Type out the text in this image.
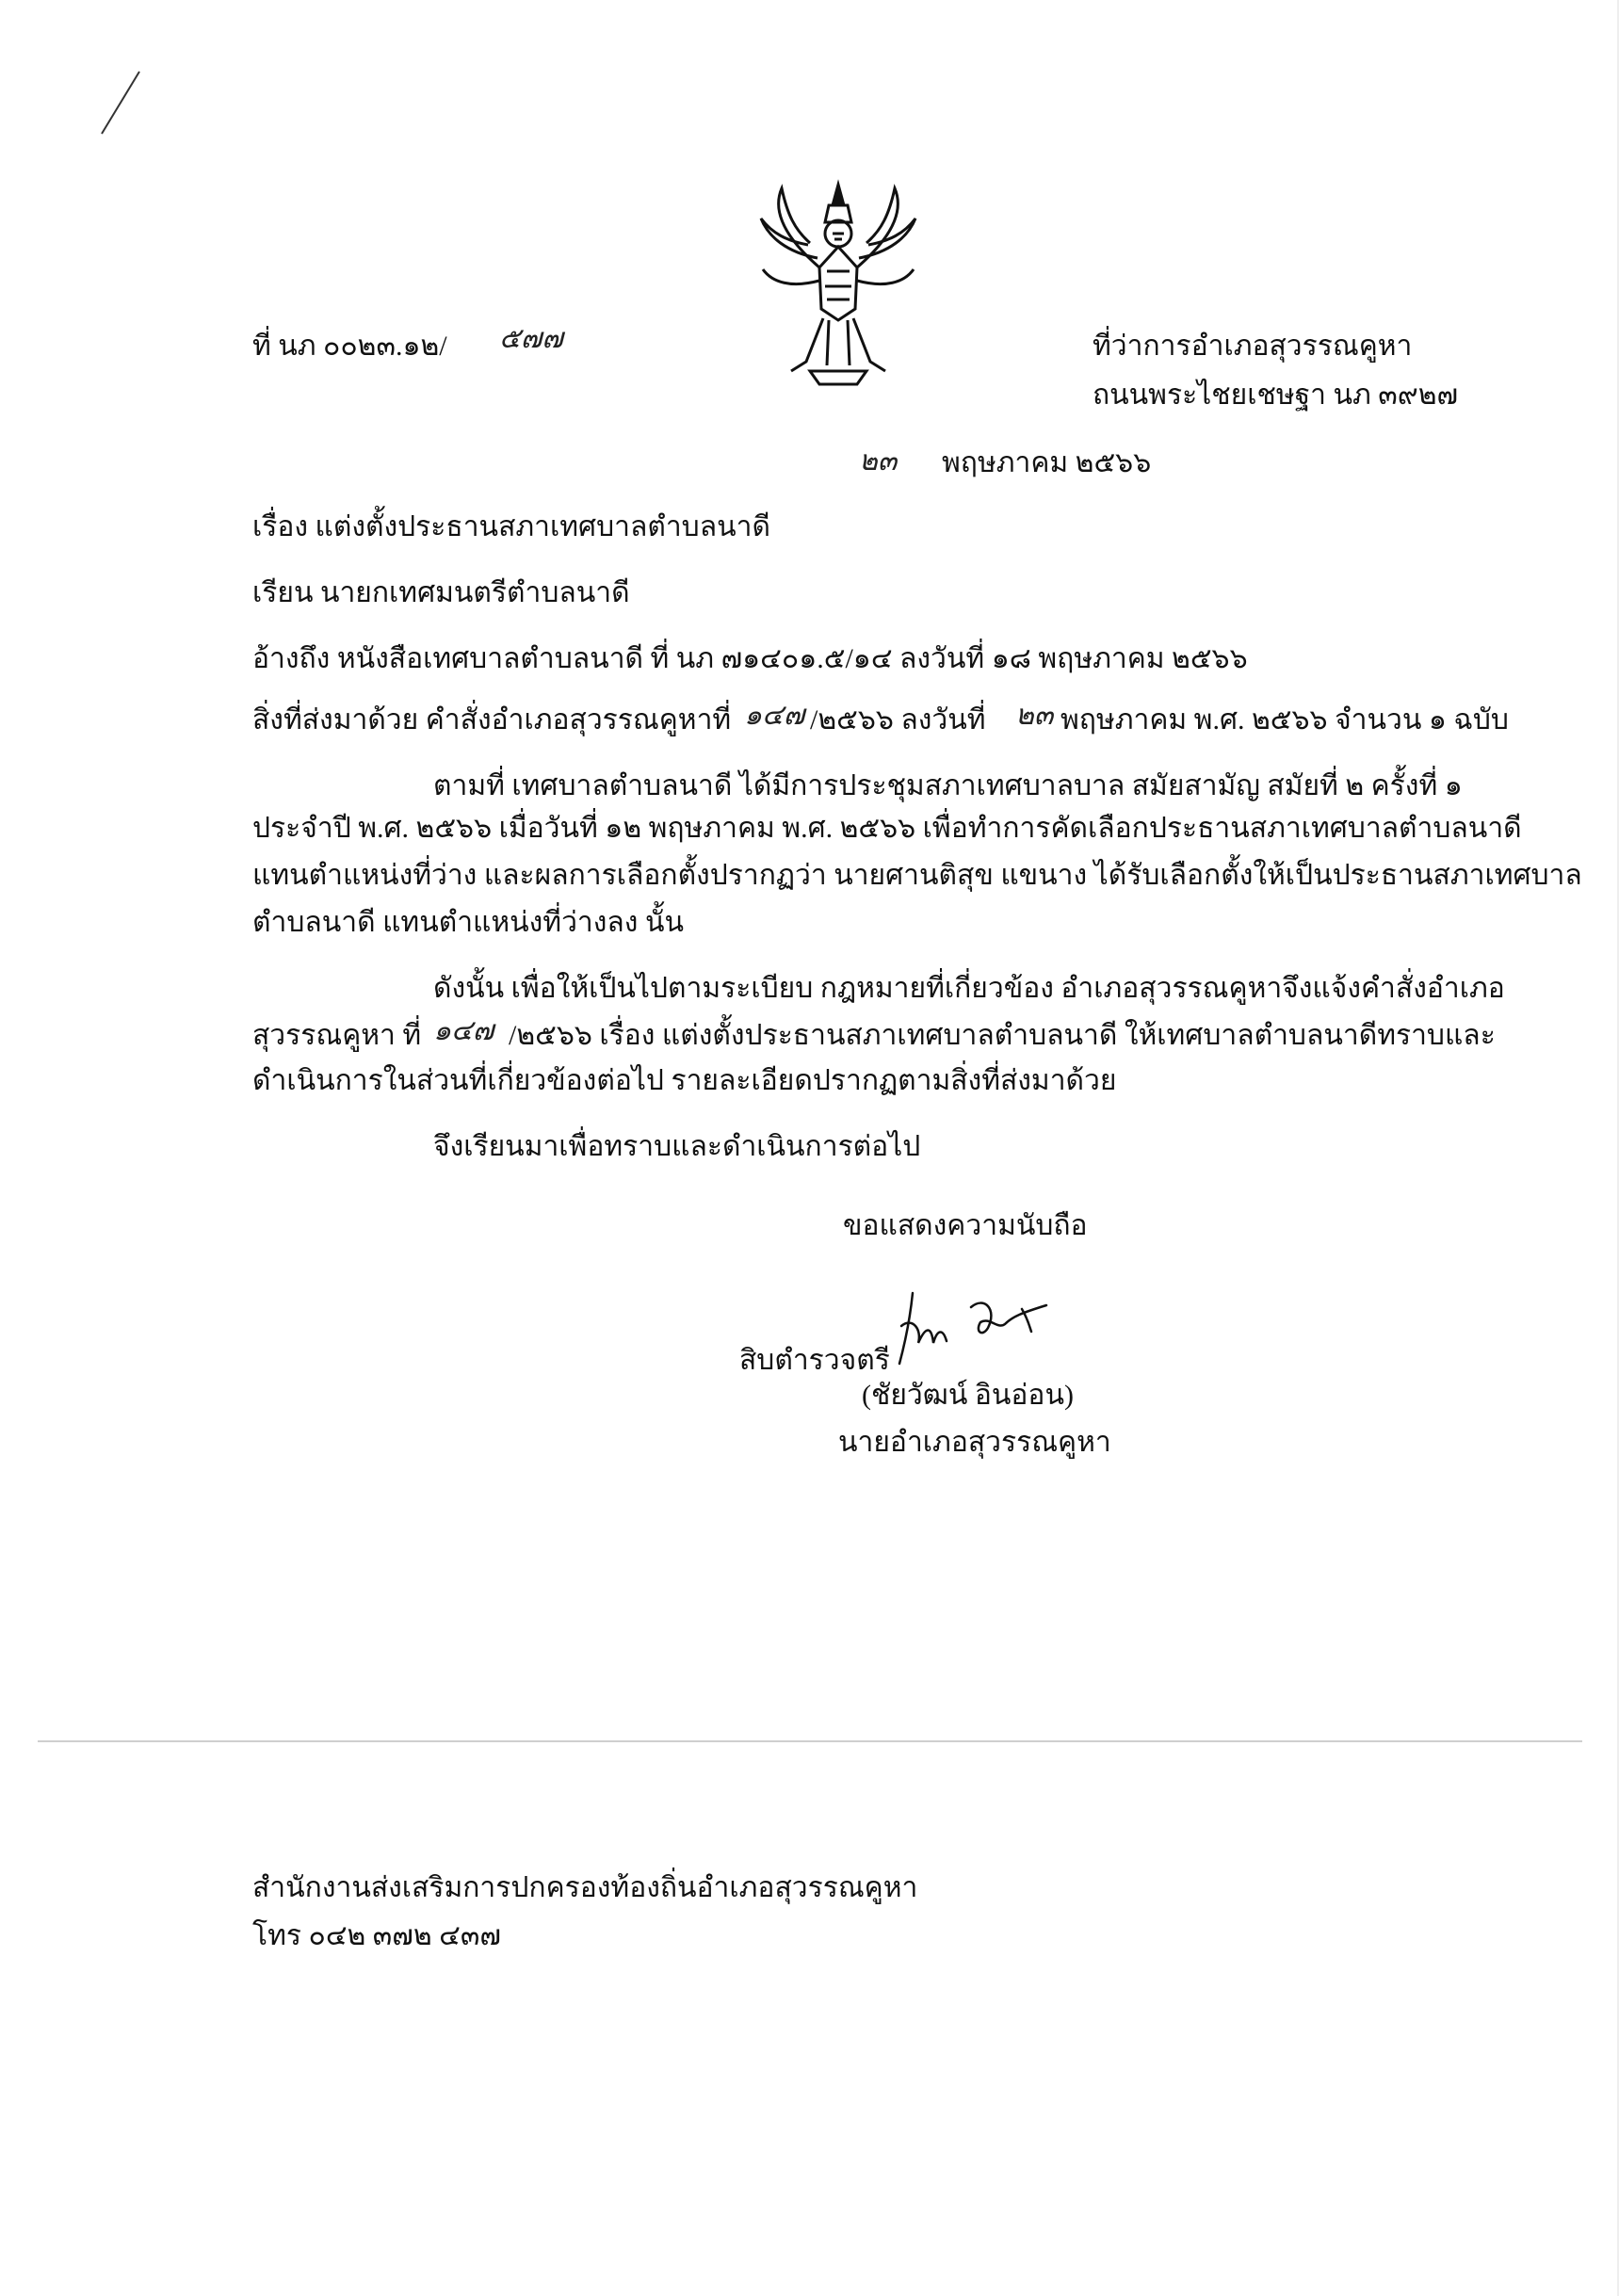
ที่ นภ ๐๐๒๓.๑๒/ ๕๗๗	ที่ว่าการอำเภอสุวรรณคูหา
ถนนพระไชยเชษฐา นภ ๓๙๒๗
๒๓ พฤษภาคม ๒๕๖๖
เรื่อง แต่งตั้งประธานสภาเทศบาลตำบลนาดี
เรียน นายกเทศมนตรีตำบลนาดี
อ้างถึง หนังสือเทศบาลตำบลนาดี ที่ นภ ๗๑๔๐๑.๕/๑๔ ลงวันที่ ๑๘ พฤษภาคม ๒๕๖๖
สิ่งที่ส่งมาด้วย คำสั่งอำเภอสุวรรณคูหาที่ ๑๔๗ /๒๕๖๖ ลงวันที่ ๒๓ พฤษภาคม พ.ศ. ๒๕๖๖ จำนวน ๑ ฉบับ
ตามที่ เทศบาลตำบลนาดี ได้มีการประชุมสภาเทศบาลบาล สมัยสามัญ สมัยที่ ๒ ครั้งที่ ๑
ประจำปี พ.ศ. ๒๕๖๖ เมื่อวันที่ ๑๒ พฤษภาคม พ.ศ. ๒๕๖๖ เพื่อทำการคัดเลือกประธานสภาเทศบาลตำบลนาดี
แทนตำแหน่งที่ว่าง และผลการเลือกตั้งปรากฏว่า นายศานติสุข แขนาง ได้รับเลือกตั้งให้เป็นประธานสภาเทศบาล
ตำบลนาดี แทนตำแหน่งที่ว่างลง นั้น
ดังนั้น เพื่อให้เป็นไปตามระเบียบ กฎหมายที่เกี่ยวข้อง อำเภอสุวรรณคูหาจึงแจ้งคำสั่งอำเภอ
สุวรรณคูหา ที่ ๑๔๗ /๒๕๖๖ เรื่อง แต่งตั้งประธานสภาเทศบาลตำบลนาดี ให้เทศบาลตำบลนาดีทราบและ
ดำเนินการในส่วนที่เกี่ยวข้องต่อไป รายละเอียดปรากฏตามสิ่งที่ส่งมาด้วย
จึงเรียนมาเพื่อทราบและดำเนินการต่อไป
ขอแสดงความนับถือ
สิบตำรวจตรี
(ชัยวัฒน์ อินอ่อน)
นายอำเภอสุวรรณคูหา
สำนักงานส่งเสริมการปกครองท้องถิ่นอำเภอสุวรรณคูหา
โทร ๐๔๒ ๓๗๒ ๔๓๗
